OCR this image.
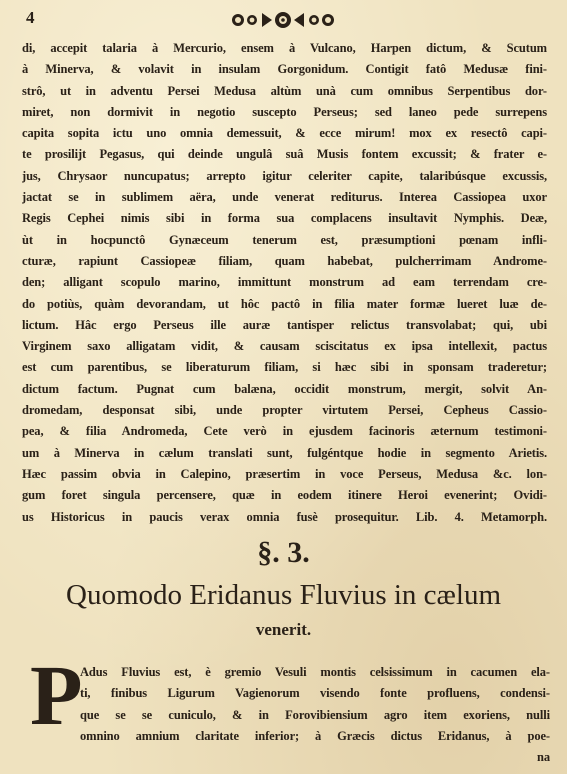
4
di, accepit talaria à Mercurio, ensem à Vulcano, Harpen dictum, & Scutum
à Minerva, & volavit in insulam Gorgonidum. Contigit fatô Medusæ fini-
strô, ut in adventu Persei Medusa altùm unà cum omnibus Serpentibus dor-
miret, non dormivit in negotio suscepto Perseus; sed laneo pede surrepens
capita sopita ictu uno omnia demessuit, & ecce mirum! mox ex resectô capi-
te prosilijt Pegasus, qui deinde ungulâ suâ Musis fontem excussit; & frater e-
jus, Chrysaor nuncupatus; arrepto igitur celeriter capite, talaribúsque excussis,
jactat se in sublimem aëra, unde venerat rediturus. Interea Cassiopea uxor
Regis Cephei nimis sibi in forma sua complacens insultavit Nymphis. Deæ,
ùt in hocpunctô Gynæceum tenerum est, præsumptioni pœnam infli-
cturæ, rapiunt Cassiopeæ filiam, quam habebat, pulcherrimam Androme-
den; alligant scopulo marino, immittunt monstrum ad eam terrendam cre-
do potiùs, quàm devorandam, ut hôc pactô in filia mater formæ lueret luæ de-
lictum. Hâc ergo Perseus ille auræ tantisper relictus transvolabat; qui, ubi
Virginem saxo alligatam vidit, & causam sciscitatus ex ipsa intellexit, pactus
est cum parentibus, se liberaturum filiam, si hæc sibi in sponsam traderetur;
dictum factum. Pugnat cum balæna, occidit monstrum, mergit, solvit An-
dromedam, desponsat sibi, unde propter virtutem Persei, Cepheus Cassio-
pea, & filia Andromeda, Cete verò in ejusdem facinoris æternum testimoni-
um à Minerva in cælum translati sunt, fulgéntque hodie in segmento Arietis.
Hæc passim obvia in Calepino, præsertim in voce Perseus, Medusa &c. lon-
gum foret singula percensere, quæ in eodem itinere Heroi evenerint; Ovidi-
us Historicus in paucis verax omnia fusè prosequitur. Lib. 4. Metamorph.
§. 3.
Quomodo Eridanus Fluvius in cælum
venerit.
P
Adus Fluvius est, è gremio Vesuli montis celsissimum in cacumen ela-
ti, finibus Ligurum Vagienorum visendo fonte profluens, condensi-
que se se cuniculo, & in Forovibiensium agro item exoriens, nulli
omnino amnium claritate inferior; à Græcis dictus Eridanus, à poe-
na
